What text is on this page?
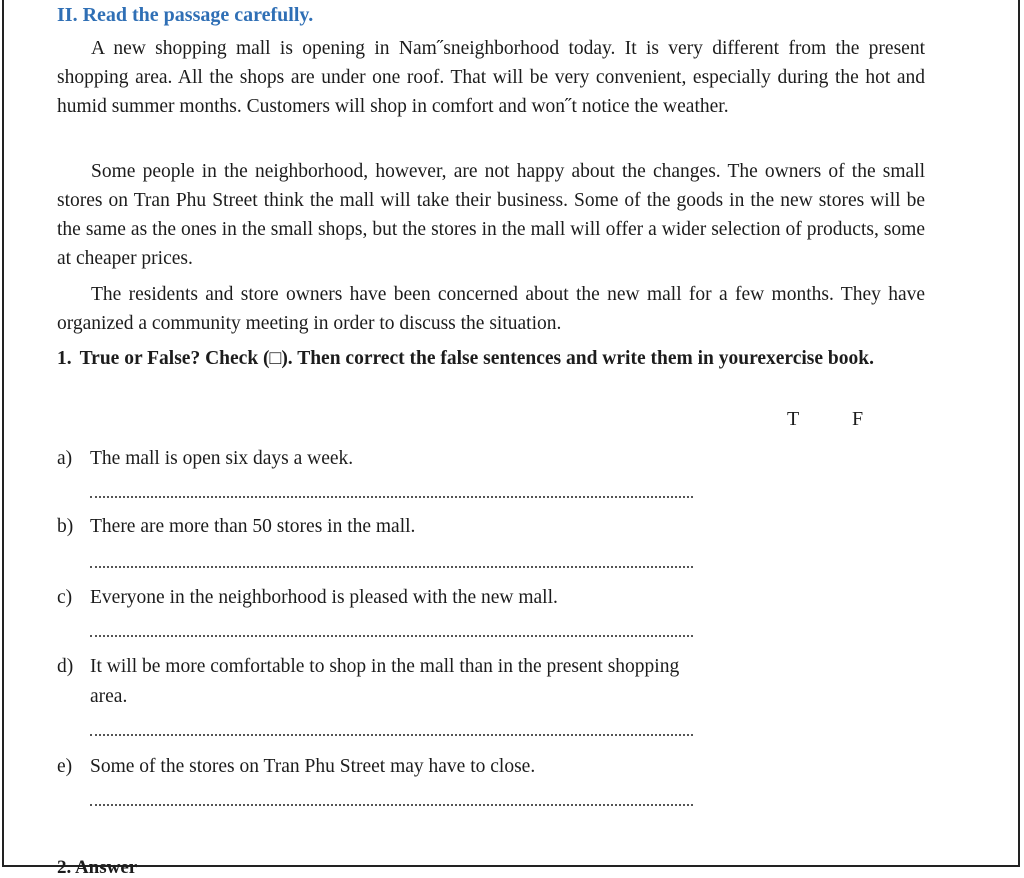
II. Read the passage carefully.

A new shopping mall is opening in Nam˝sneighborhood today. It is very different from the present shopping area. All the shops are under one roof. That will be very convenient, especially during the hot and humid summer months. Customers will shop in comfort and won˝t notice the weather.

Some people in the neighborhood, however, are not happy about the changes. The owners of the small stores on Tran Phu Street think the mall will take their business. Some of the goods in the new stores will be the same as the ones in the small shops, but the stores in the mall will offer a wider selection of products, some at cheaper prices.

The residents and store owners have been concerned about the new mall for a few months. They have organized a community meeting in order to discuss the situation.

1. True or False? Check (□). Then correct the false sentences and write them in yourexercise book.
T	F
a) The mall is open six days a week.
b) There are more than 50 stores in the mall.
c) Everyone in the neighborhood is pleased with the new mall.
d) It will be more comfortable to shop in the mall than in the present shopping area.
e) Some of the stores on Tran Phu Street may have to close.
2. Answer
